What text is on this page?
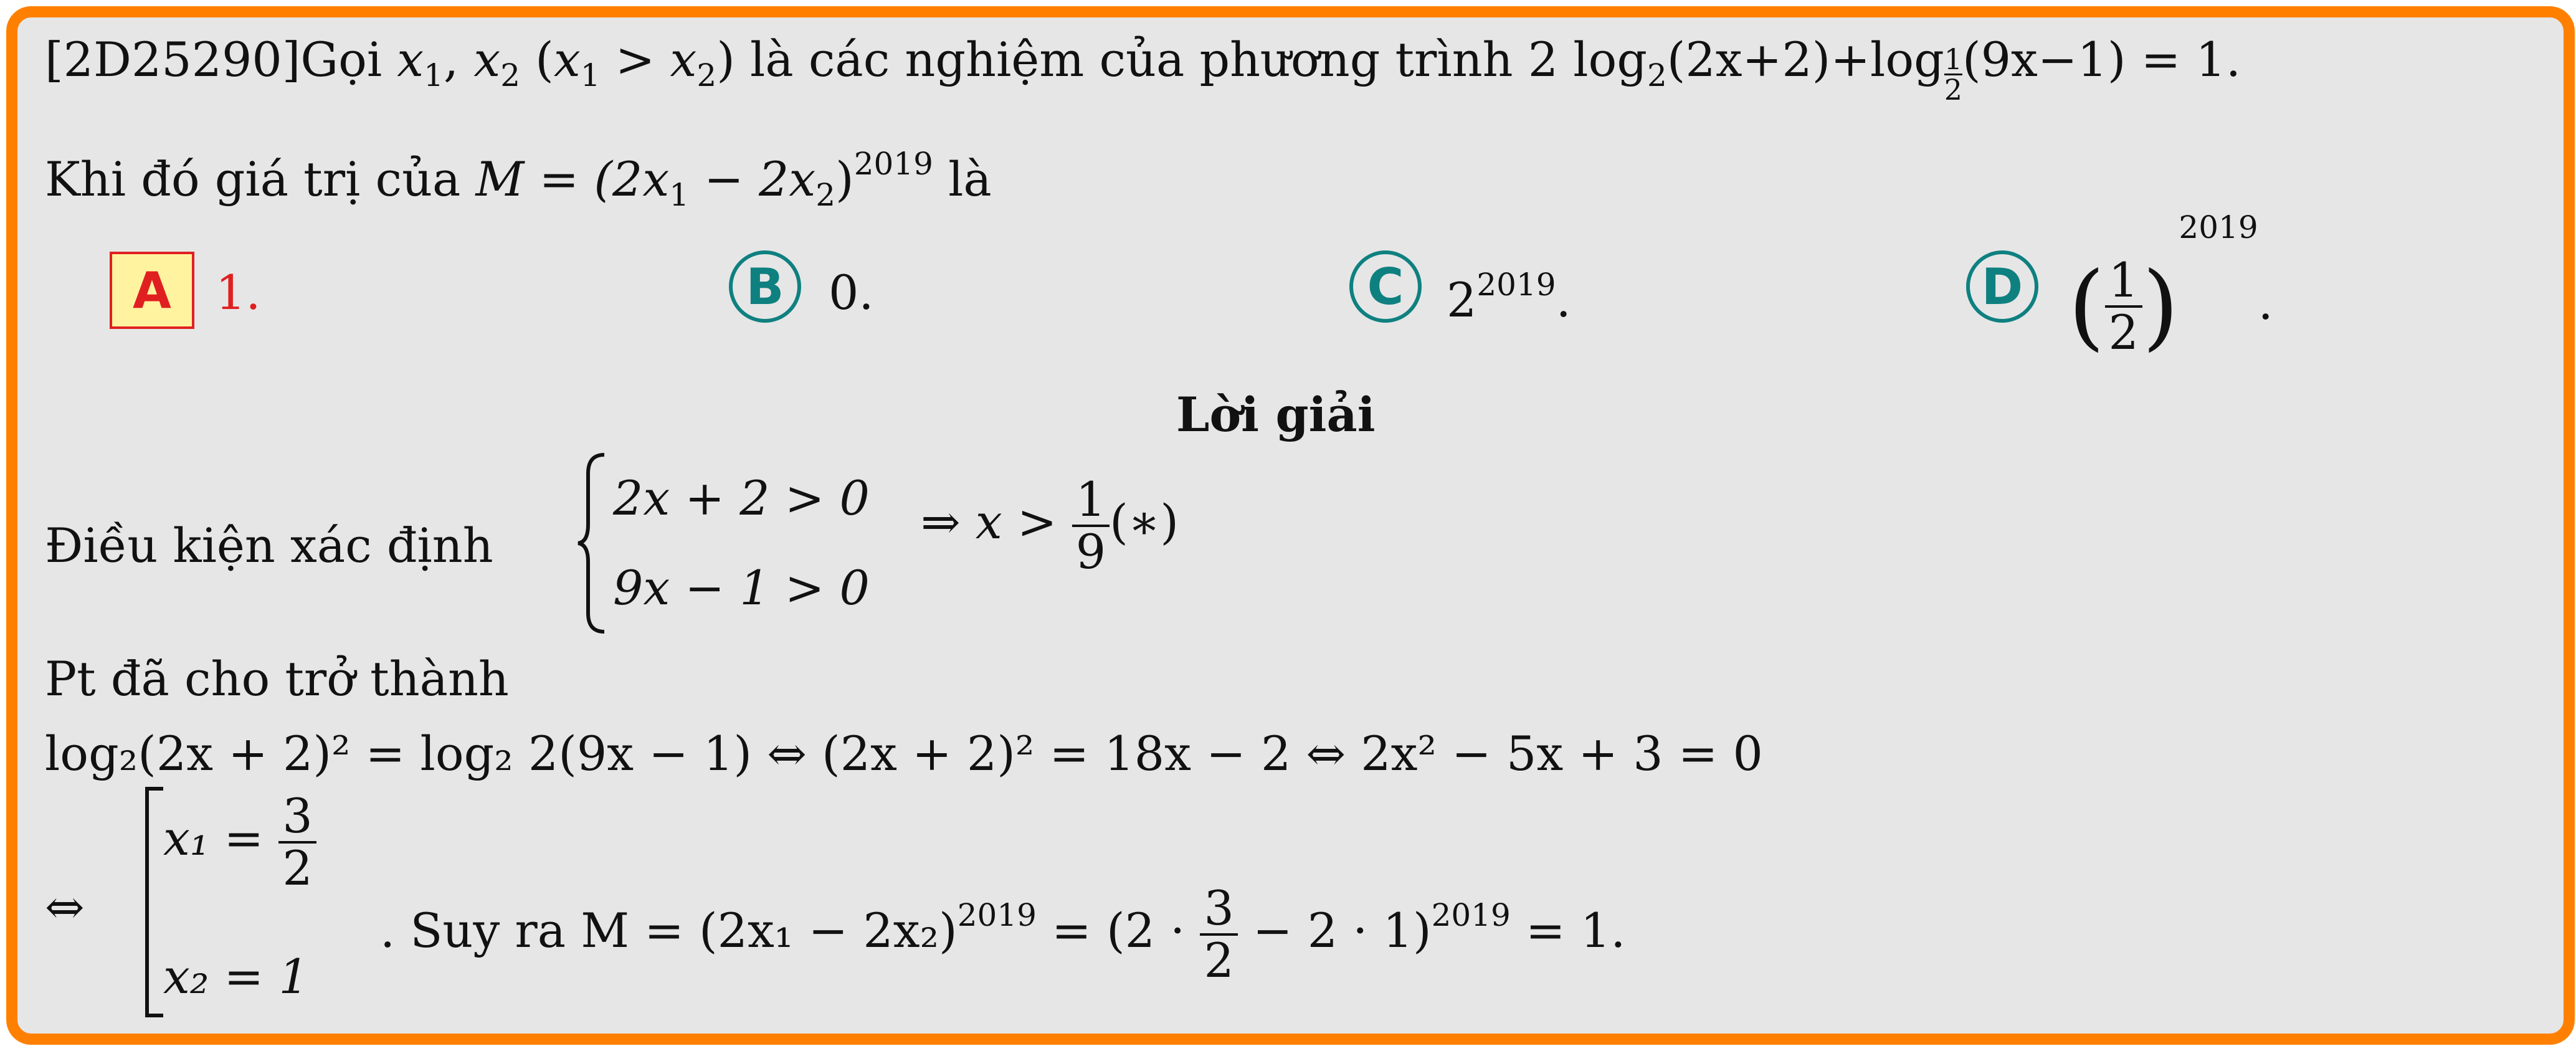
[2D25290]Gọi $x_1$, $x_2$ $(x_1 > x_2)$ là các nghiệm của phương trình 2 $\log_2(2x+2)+\log \frac{1}{2} (9x-1) = 1$.
Khi đó giá trị của $M = (2x_1 - 2x_2)^{2019}$ là
A 1.	B 0.	C $2^{2019}$.	D ( $\frac{1}{2} )^{2019}$.
Lời giải
Điều kiện xác định
2x + 2 > 0
9x − 1 > 0
⇒ $x > \frac{1}{9}$ (∗)
Pt đã cho trở thành
log₂(2x + 2)² = log₂ 2(9x − 1) ⇔ (2x + 2)² = 18x − 2 ⇔ 2x² − 5x + 3 = 0
⇔
$x_1 = \frac{3}{2}$
x₂ = 1
. Suy ra $M = (2x_1 - 2x_2)^{2019} = (2 \cdot \frac{3}{2} - 2 \cdot 1)^{2019} = 1$.
